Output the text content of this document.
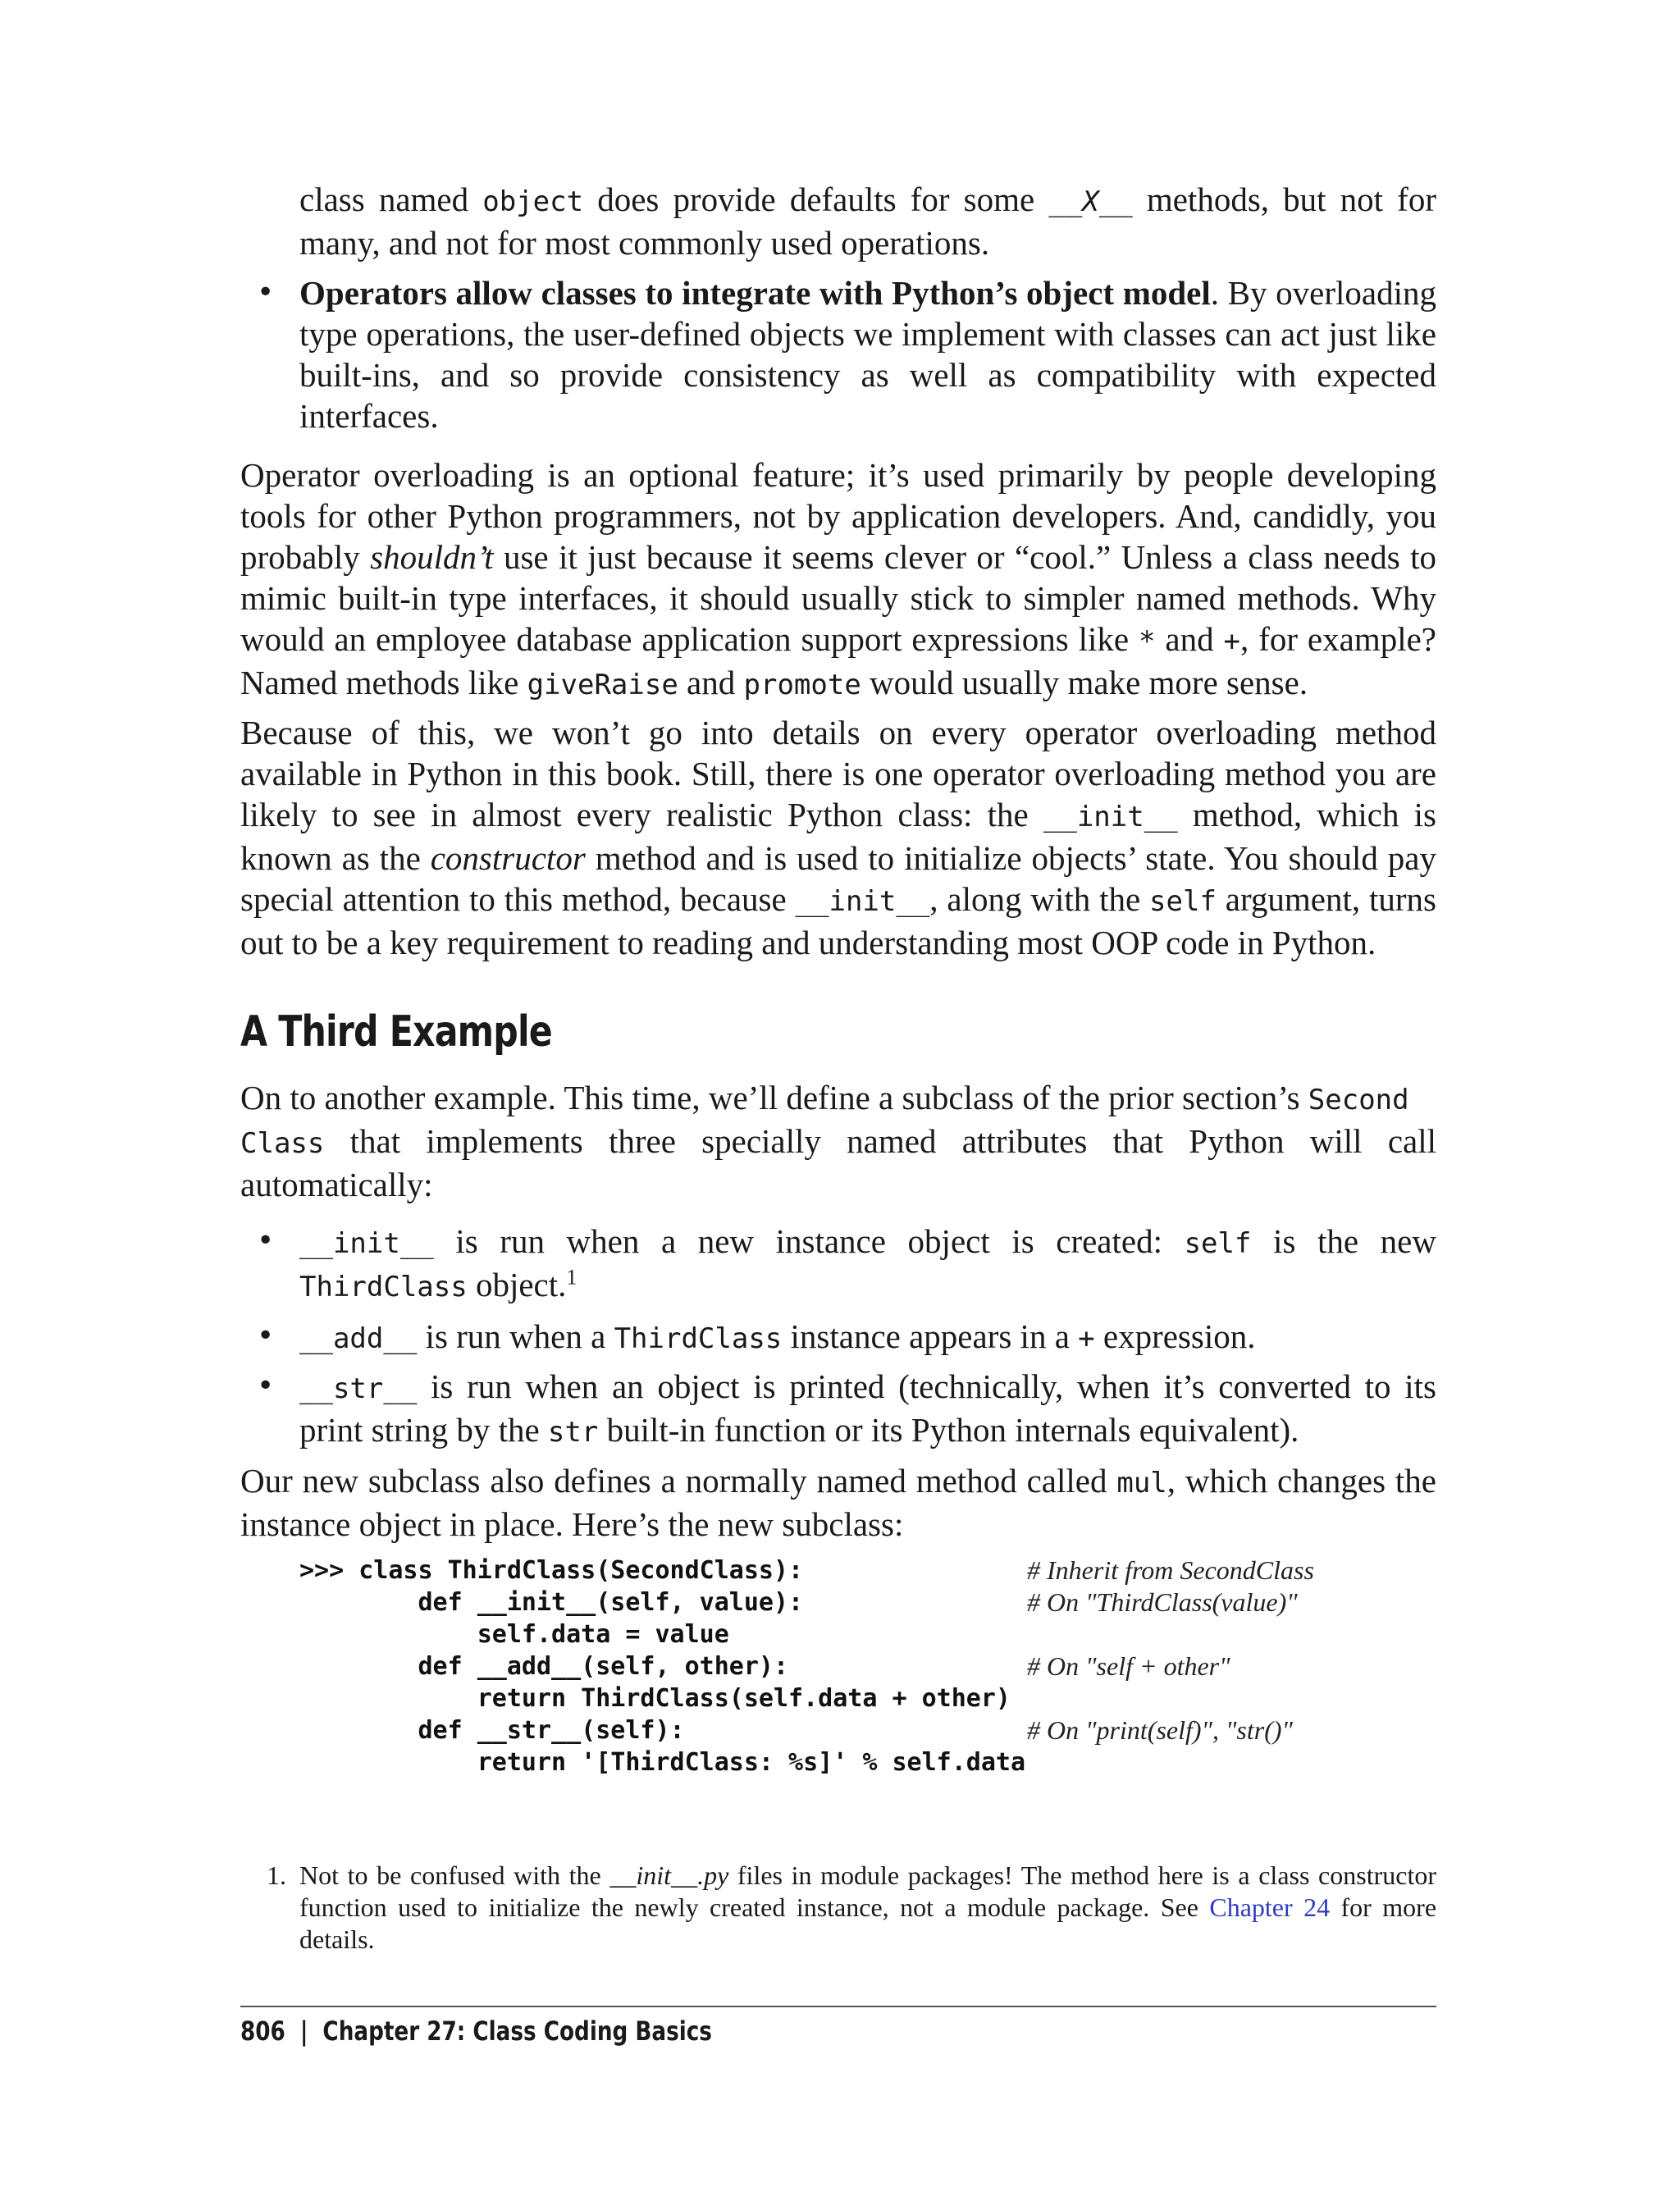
class named object does provide defaults for some __X__ methods, but not for many, and not for most commonly used operations.
• Operators allow classes to integrate with Python’s object model. By overloading type operations, the user-defined objects we implement with classes can act just like built-ins, and so provide consistency as well as compatibility with expected interfaces.
Operator overloading is an optional feature; it’s used primarily by people developing tools for other Python programmers, not by application developers. And, candidly, you probably shouldn’t use it just because it seems clever or “cool.” Unless a class needs to mimic built-in type interfaces, it should usually stick to simpler named methods. Why would an employee database application support expressions like * and +, for example? Named methods like giveRaise and promote would usually make more sense.
Because of this, we won’t go into details on every operator overloading method available in Python in this book. Still, there is one operator overloading method you are likely to see in almost every realistic Python class: the __init__ method, which is known as the constructor method and is used to initialize objects’ state. You should pay special attention to this method, because __init__, along with the self argument, turns out to be a key requirement to reading and understanding most OOP code in Python.
A Third Example
On to another example. This time, we’ll define a subclass of the prior section’s Second
Class that implements three specially named attributes that Python will call automatically:
• __init__ is run when a new instance object is created: self is the new ThirdClass object.$^1$
• __add__ is run when a ThirdClass instance appears in a + expression.
• __str__ is run when an object is printed (technically, when it’s converted to its print string by the str built-in function or its Python internals equivalent).
Our new subclass also defines a normally named method called mul, which changes the instance object in place. Here’s the new subclass:
>>> class ThirdClass(SecondClass):	# Inherit from SecondClass
def __init__(self, value):	# On "ThirdClass(value)"
self.data = value
def __add__(self, other):	# On "self + other"
return ThirdClass(self.data + other)
def __str__(self):	# On "print(self)", "str()"
return '[ThirdClass: %s]' % self.data
1. Not to be confused with the __init__.py files in module packages! The method here is a class constructor function used to initialize the newly created instance, not a module package. See Chapter 24 for more details.
806 | Chapter 27: Class Coding Basics
